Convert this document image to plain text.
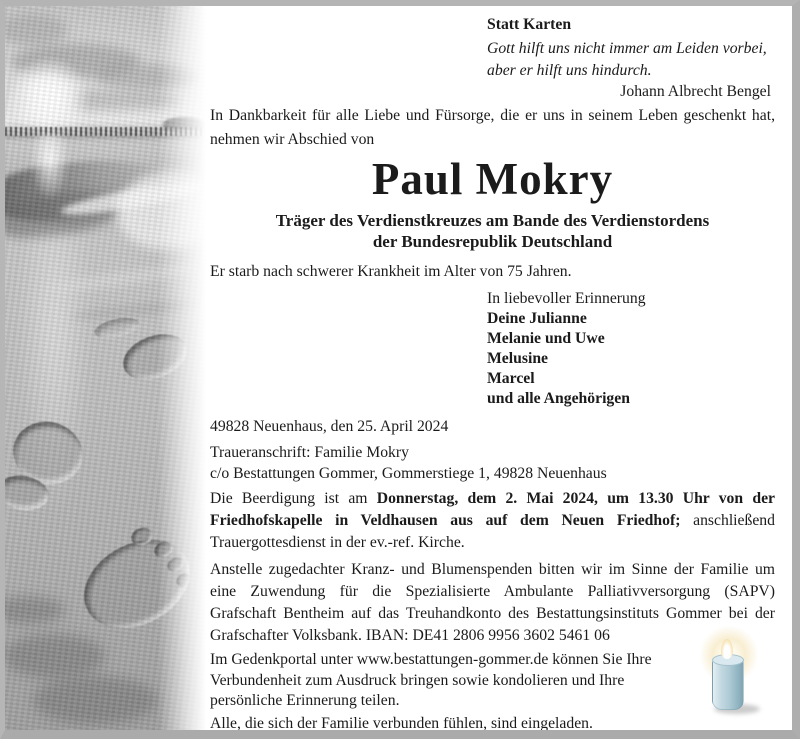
Statt Karten
Gott hilft uns nicht immer am Leiden vorbei,
aber er hilft uns hindurch.
Johann Albrecht Bengel
In Dankbarkeit für alle Liebe und Fürsorge, die er uns in seinem Leben geschenkt hat,
nehmen wir Abschied von
Paul Mokry
Träger des Verdienstkreuzes am Bande des Verdienstordens
der Bundesrepublik Deutschland
Er starb nach schwerer Krankheit im Alter von 75 Jahren.
In liebevoller Erinnerung
Deine Julianne
Melanie und Uwe
Melusine
Marcel
und alle Angehörigen
49828 Neuenhaus, den 25. April 2024
Traueranschrift: Familie Mokry
c/o Bestattungen Gommer, Gommerstiege 1, 49828 Neuenhaus
Die Beerdigung ist am Donnerstag, dem 2. Mai 2024, um 13.30 Uhr von der
Friedhofskapelle in Veldhausen aus auf dem Neuen Friedhof; anschließend
Trauergottesdienst in der ev.-ref. Kirche.
Anstelle zugedachter Kranz- und Blumenspenden bitten wir im Sinne der Familie um
eine Zuwendung für die Spezialisierte Ambulante Palliativversorgung (SAPV)
Grafschaft Bentheim auf das Treuhandkonto des Bestattungsinstituts Gommer bei der
Grafschafter Volksbank. IBAN: DE41 2806 9956 3602 5461 06
Im Gedenkportal unter www.bestattungen-gommer.de können Sie Ihre
Verbundenheit zum Ausdruck bringen sowie kondolieren und Ihre
persönliche Erinnerung teilen.
Alle, die sich der Familie verbunden fühlen, sind eingeladen.
